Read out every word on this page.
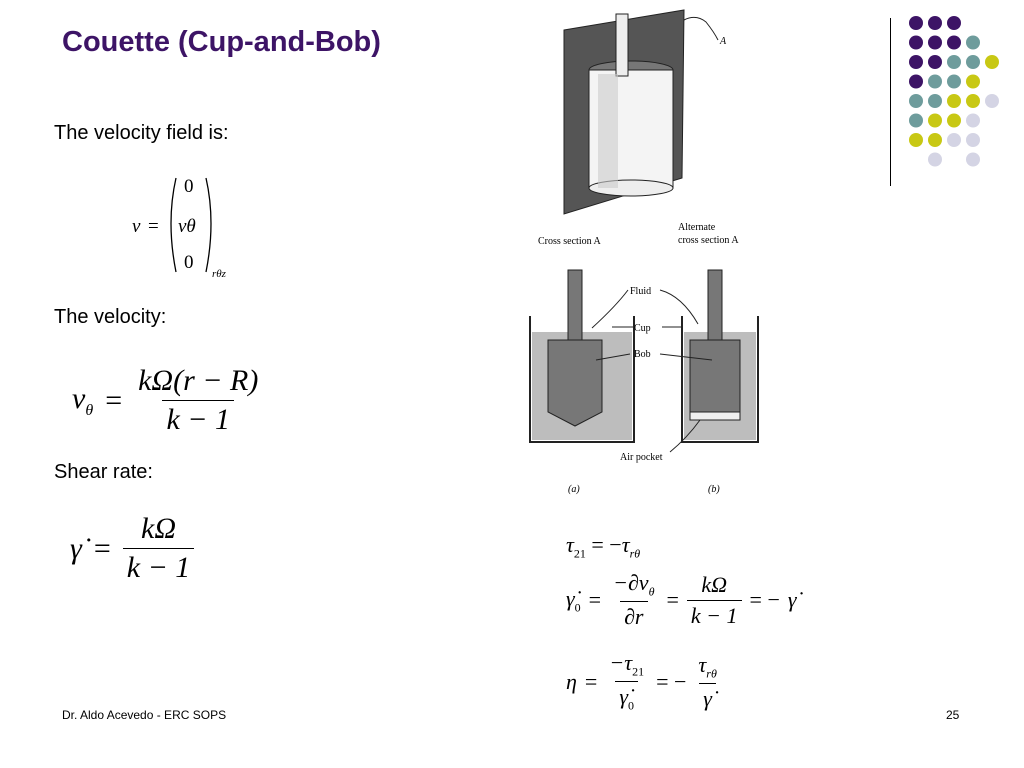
Couette (Cup-and-Bob)
The velocity field is:
v =
0
vθ
0
rθz
The velocity:
$v_\theta = \frac{k\Omega(r - R)}{k - 1}$
Shear rate:
γ̇ = $\frac{k\Omega}{k - 1}$	$\tau_{21} = -\tau_{r\theta}$
$\gammȧ_0 = \frac{-\partial v_\theta}{\partial r} = \frac{k\Omega}{k - 1}$ = − γ̇
$\eta = \frac{-\tau_{21}}{\gammȧ_0}$ = − $\frac{\tau_{r\theta}}{\gammȧ}$
A
Cross section A
Alternate
cross section A
Fluid
Cup
Bob
Air pocket
(a)	(b)
Dr. Aldo Acevedo - ERC SOPS	25
